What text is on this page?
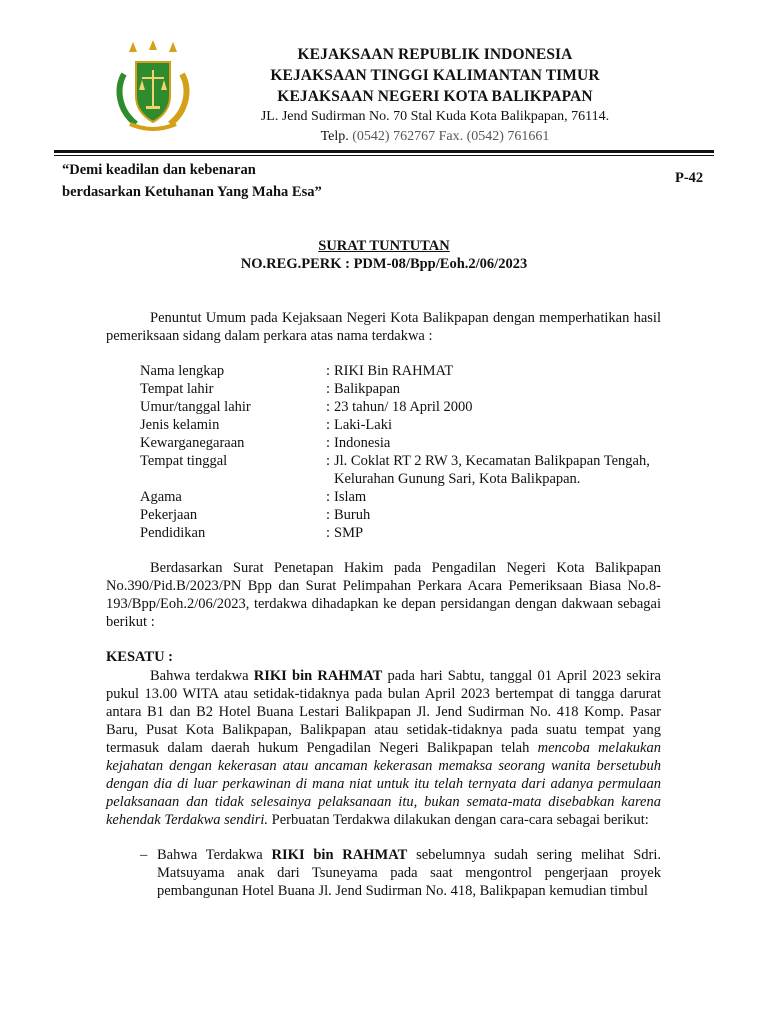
KEJAKSAAN REPUBLIK INDONESIA
KEJAKSAAN TINGGI KALIMANTAN TIMUR
KEJAKSAAN NEGERI KOTA BALIKPAPAN
JL. Jend Sudirman No. 70 Stal Kuda Kota Balikpapan, 76114.
Telp. (0542) 762767 Fax. (0542) 761661
“Demi keadilan dan kebenaran
berdasarkan Ketuhanan Yang Maha Esa”
P-42
SURAT TUNTUTAN
NO.REG.PERK : PDM-08/Bpp/Eoh.2/06/2023
Penuntut Umum pada Kejaksaan Negeri Kota Balikpapan dengan memperhatikan hasil pemeriksaan sidang dalam perkara atas nama terdakwa :
Nama lengkap	: RIKI Bin RAHMAT
Tempat lahir	: Balikpapan
Umur/tanggal lahir	: 23 tahun/ 18 April 2000
Jenis kelamin	: Laki-Laki
Kewarganegaraan	: Indonesia
Tempat tinggal	: Jl. Coklat RT 2 RW 3, Kecamatan Balikpapan Tengah, Kelurahan Gunung Sari, Kota Balikpapan.
Agama	: Islam
Pekerjaan	: Buruh
Pendidikan	: SMP
Berdasarkan Surat Penetapan Hakim pada Pengadilan Negeri Kota Balikpapan No.390/Pid.B/2023/PN Bpp dan Surat Pelimpahan Perkara Acara Pemeriksaan Biasa No.8-193/Bpp/Eoh.2/06/2023, terdakwa dihadapkan ke depan persidangan dengan dakwaan sebagai berikut :
KESATU :
Bahwa terdakwa RIKI bin RAHMAT pada hari Sabtu, tanggal 01 April 2023 sekira pukul 13.00 WITA atau setidak-tidaknya pada bulan April 2023 bertempat di tangga darurat antara B1 dan B2 Hotel Buana Lestari Balikpapan Jl. Jend Sudirman No. 418 Komp. Pasar Baru, Pusat Kota Balikpapan, Balikpapan atau setidak-tidaknya pada suatu tempat yang termasuk dalam daerah hukum Pengadilan Negeri Balikpapan telah mencoba melakukan kejahatan dengan kekerasan atau ancaman kekerasan memaksa seorang wanita bersetubuh dengan dia di luar perkawinan di mana niat untuk itu telah ternyata dari adanya permulaan pelaksanaan dan tidak selesainya pelaksanaan itu, bukan semata-mata disebabkan karena kehendak Terdakwa sendiri. Perbuatan Terdakwa dilakukan dengan cara-cara sebagai berikut:
– Bahwa Terdakwa RIKI bin RAHMAT sebelumnya sudah sering melihat Sdri. Matsuyama anak dari Tsuneyama pada saat mengontrol pengerjaan proyek pembangunan Hotel Buana Jl. Jend Sudirman No. 418, Balikpapan kemudian timbul
